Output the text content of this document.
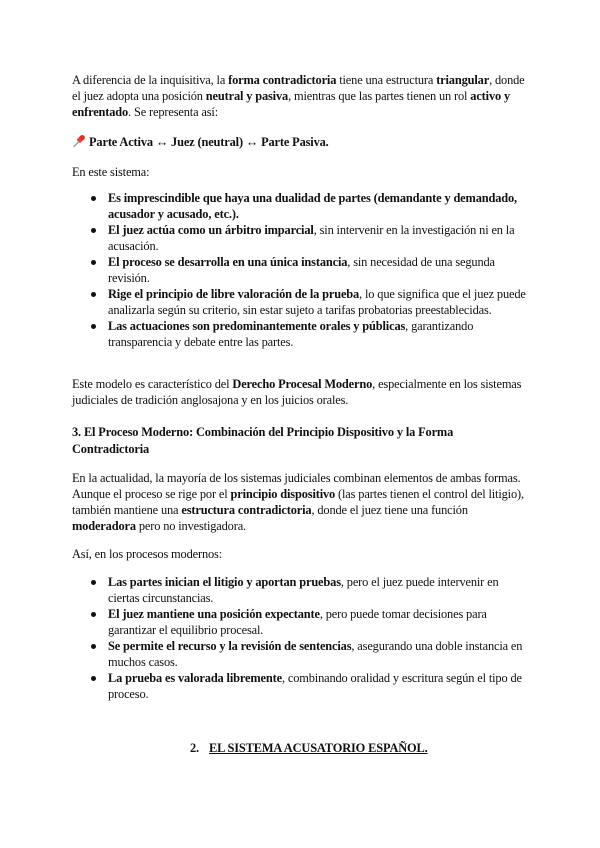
A diferencia de la inquisitiva, la forma contradictoria tiene una estructura triangular, donde el juez adopta una posición neutral y pasiva, mientras que las partes tienen un rol activo y enfrentado. Se representa así:

Parte Activa ↔ Juez (neutral) ↔ Parte Pasiva.

En este sistema:

Es imprescindible que haya una dualidad de partes (demandante y demandado, acusador y acusado, etc.).
El juez actúa como un árbitro imparcial, sin intervenir en la investigación ni en la acusación.
El proceso se desarrolla en una única instancia, sin necesidad de una segunda revisión.
Rige el principio de libre valoración de la prueba, lo que significa que el juez puede analizarla según su criterio, sin estar sujeto a tarifas probatorias preestablecidas.
Las actuaciones son predominantemente orales y públicas, garantizando transparencia y debate entre las partes.

Este modelo es característico del Derecho Procesal Moderno, especialmente en los sistemas judiciales de tradición anglosajona y en los juicios orales.

3. El Proceso Moderno: Combinación del Principio Dispositivo y la Forma Contradictoria

En la actualidad, la mayoría de los sistemas judiciales combinan elementos de ambas formas. Aunque el proceso se rige por el principio dispositivo (las partes tienen el control del litigio), también mantiene una estructura contradictoria, donde el juez tiene una función moderadora pero no investigadora.

Así, en los procesos modernos:

Las partes inician el litigio y aportan pruebas, pero el juez puede intervenir en ciertas circunstancias.
El juez mantiene una posición expectante, pero puede tomar decisiones para garantizar el equilibrio procesal.
Se permite el recurso y la revisión de sentencias, asegurando una doble instancia en muchos casos.
La prueba es valorada libremente, combinando oralidad y escritura según el tipo de proceso.

2. EL SISTEMA ACUSATORIO ESPAÑOL.
